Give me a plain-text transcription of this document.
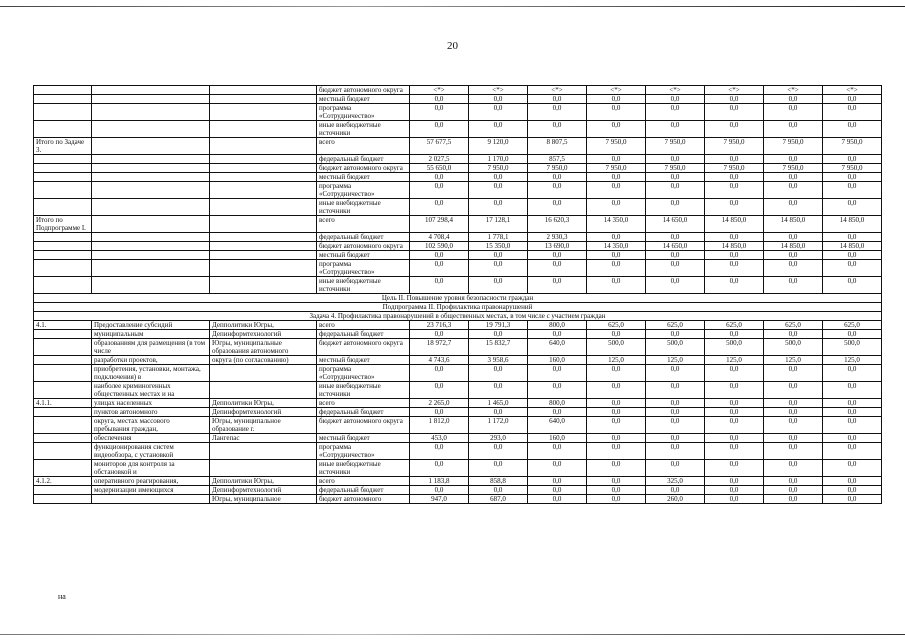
20
			бюджет автономного округа	<*>	<*>	<*>	<*>	<*>	<*>	<*>	<*>
			местный бюджет	0,0	0,0	0,0	0,0	0,0	0,0	0,0	0,0
			программа «Сотрудничество»	0,0	0,0	0,0	0,0	0,0	0,0	0,0	0,0
			иные внебюджетные источники	0,0	0,0	0,0	0,0	0,0	0,0	0,0	0,0
Итого по Задаче 3.			всего	57 677,5	9 120,0	8 807,5	7 950,0	7 950,0	7 950,0	7 950,0	7 950,0
			федеральный бюджет	2 027,5	1 170,0	857,5	0,0	0,0	0,0	0,0	0,0
			бюджет автономного округа	55 650,0	7 950,0	7 950,0	7 950,0	7 950,0	7 950,0	7 950,0	7 950,0
			местный бюджет	0,0	0,0	0,0	0,0	0,0	0,0	0,0	0,0
			программа «Сотрудничество»	0,0	0,0	0,0	0,0	0,0	0,0	0,0	0,0
			иные внебюджетные источники	0,0	0,0	0,0	0,0	0,0	0,0	0,0	0,0
Итого по Подпрограмме I.			всего	107 298,4	17 128,1	16 620,3	14 350,0	14 650,0	14 850,0	14 850,0	14 850,0
			федеральный бюджет	4 708,4	1 778,1	2 930,3	0,0	0,0	0,0	0,0	0,0
			бюджет автономного округа	102 590,0	15 350,0	13 690,0	14 350,0	14 650,0	14 850,0	14 850,0	14 850,0
			местный бюджет	0,0	0,0	0,0	0,0	0,0	0,0	0,0	0,0
			программа «Сотрудничество»	0,0	0,0	0,0	0,0	0,0	0,0	0,0	0,0
			иные внебюджетные источники	0,0	0,0	0,0	0,0	0,0	0,0	0,0	0,0
Цель II. Повышение уровня безопасности граждан											
Подпрограмма II. Профилактика правонарушений											
Задача 4. Профилактика правонарушений в общественных местах, в том числе с участием граждан											
4.1.	Предоставление субсидий	Депполитики Югры,	всего	23 716,3	19 791,3	800,0	625,0	625,0	625,0	625,0	625,0
	муниципальным	Депинформтехнологий	федеральный бюджет	0,0	0,0	0,0	0,0	0,0	0,0	0,0	0,0
	образованиям для размещения (в том числе	Югры, муниципальные образования автономного	бюджет автономного округа	18 972,7	15 832,7	640,0	500,0	500,0	500,0	500,0	500,0
	разработки проектов,	округа (по согласованию)	местный бюджет	4 743,6	3 958,6	160,0	125,0	125,0	125,0	125,0	125,0
	приобретения, установки, монтажа, подключения) в		программа «Сотрудничество»	0,0	0,0	0,0	0,0	0,0	0,0	0,0	0,0
	наиболее криминогенных общественных местах и на		иные внебюджетные источники	0,0	0,0	0,0	0,0	0,0	0,0	0,0	0,0
4.1.1.	улицах населенных	Депполитики Югры,	всего	2 265,0	1 465,0	800,0	0,0	0,0	0,0	0,0	0,0
	пунктов автономного	Депинформтехнологий	федеральный бюджет	0,0	0,0	0,0	0,0	0,0	0,0	0,0	0,0
	округа, местах массового пребывания граждан,	Югры, муниципальное образование г.	бюджет автономного округа	1 812,0	1 172,0	640,0	0,0	0,0	0,0	0,0	0,0
	обеспечения	Лангепас	местный бюджет	453,0	293,0	160,0	0,0	0,0	0,0	0,0	0,0
	функционирования систем видеообзора, с установкой		программа «Сотрудничество»	0,0	0,0	0,0	0,0	0,0	0,0	0,0	0,0
	мониторов для контроля за обстановкой и		иные внебюджетные источники	0,0	0,0	0,0	0,0	0,0	0,0	0,0	0,0
4.1.2.	оперативного реагирования,	Депполитики Югры,	всего	1 183,8	858,8	0,0	0,0	325,0	0,0	0,0	0,0
	модернизации имеющихся	Депинформтехнологий	федеральный бюджет	0,0	0,0	0,0	0,0	0,0	0,0	0,0	0,0
		Югры, муниципальное	бюджет автономного	947,0	687,0	0,0	0,0	260,0	0,0	0,0	0,0
на
